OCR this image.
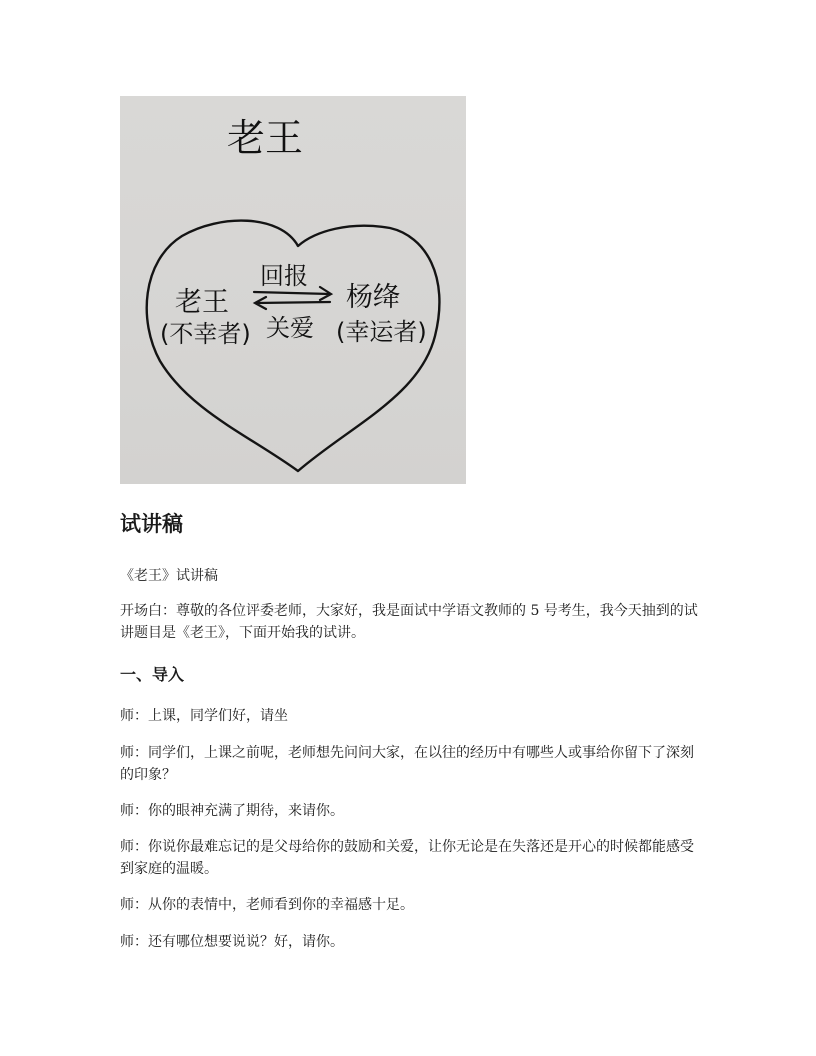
老王
老王
(不幸者)
杨绛
(幸运者)
回报
关爱
试讲稿

《老王》试讲稿

开场白：尊敬的各位评委老师，大家好，我是面试中学语文教师的 5 号考生，我今天抽到的试讲题目是《老王》，下面开始我的试讲。

一、导入

师：上课，同学们好，请坐

师：同学们，上课之前呢，老师想先问问大家，在以往的经历中有哪些人或事给你留下了深刻的印象？

师：你的眼神充满了期待，来请你。

师：你说你最难忘记的是父母给你的鼓励和关爱，让你无论是在失落还是开心的时候都能感受到家庭的温暖。

师：从你的表情中，老师看到你的幸福感十足。

师：还有哪位想要说说？好，请你。
